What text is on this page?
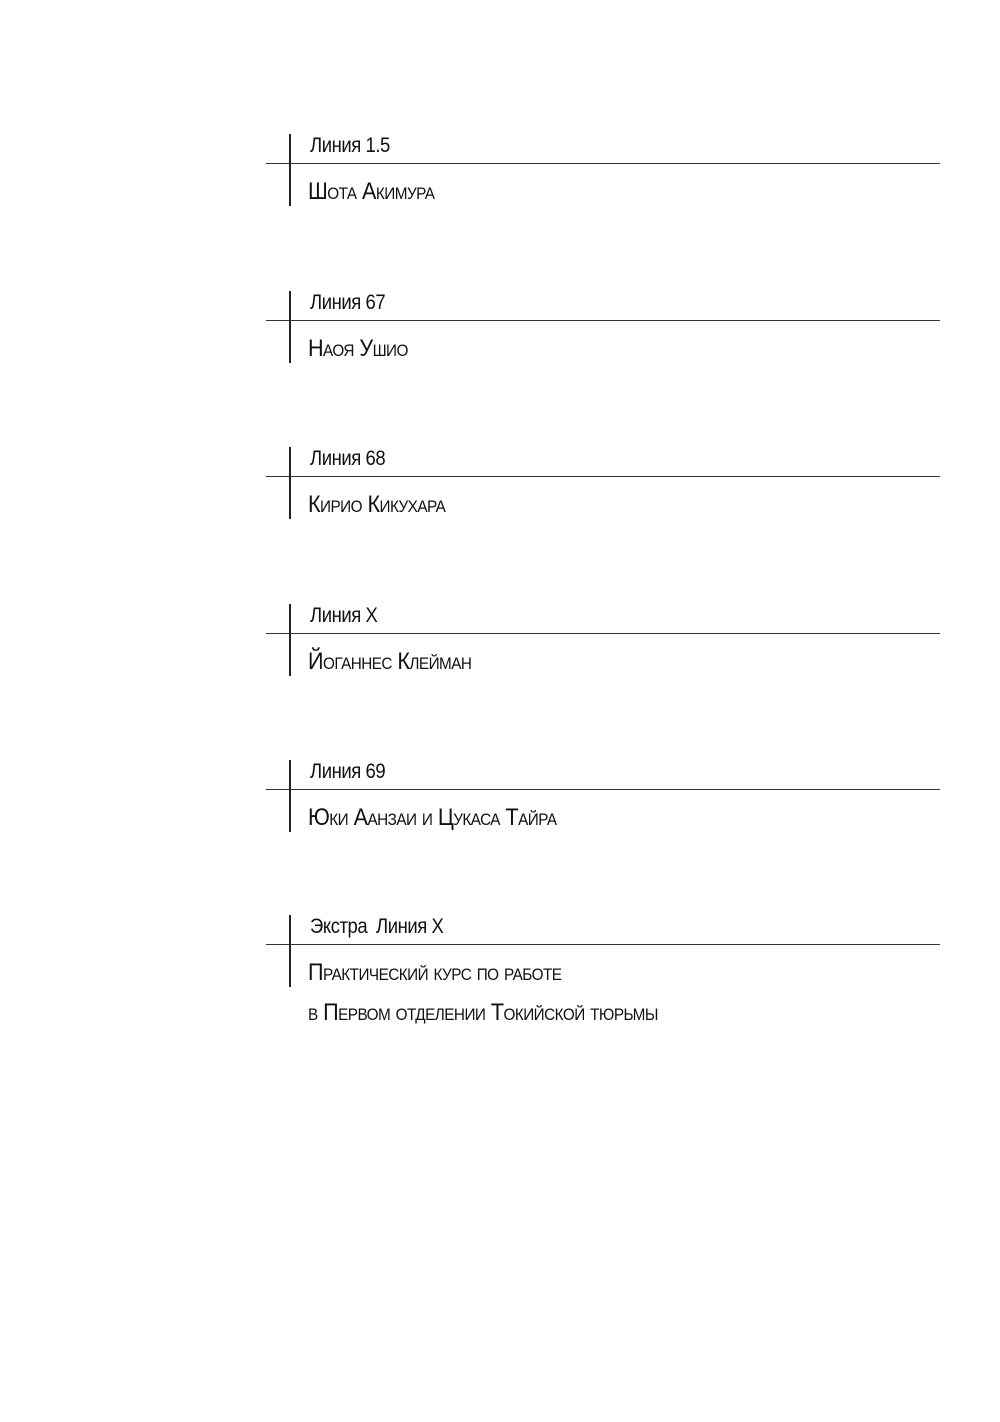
Линия 1.5
Шота Акимура
Линия 67
Наоя Ушио
Линия 68
Кирио Кикухара
Линия X
Йоганнес Клейман
Линия 69
Юки Аанзаи и Цукаса Тайра
Экстра Линия X
Практический курс по работе
в Первом отделении Токийской тюрьмы
